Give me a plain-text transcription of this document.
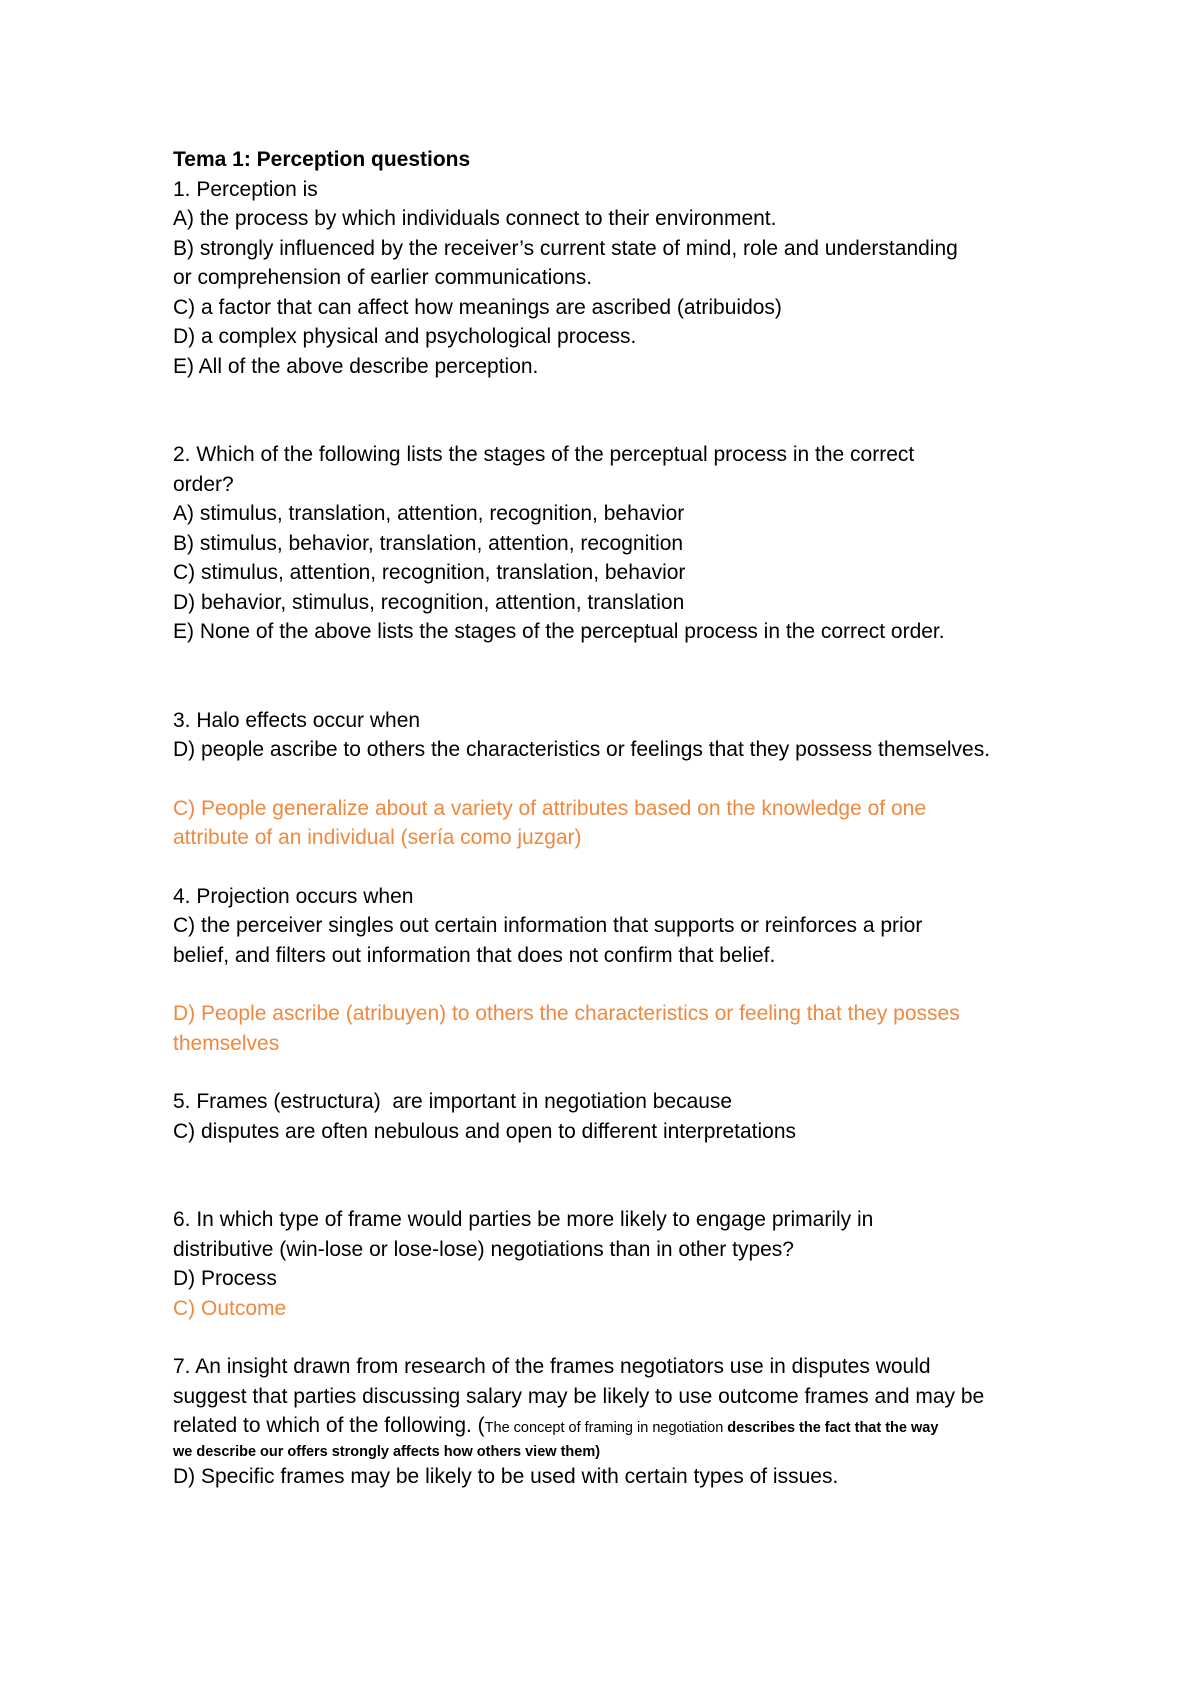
Tema 1: Perception questions

1. Perception is

A) the process by which individuals connect to their environment.

B) strongly influenced by the receiver’s current state of mind, role and understanding

or comprehension of earlier communications.

C) a factor that can affect how meanings are ascribed (atribuidos)

D) a complex physical and psychological process.

E) All of the above describe perception.

2. Which of the following lists the stages of the perceptual process in the correct

order?

A) stimulus, translation, attention, recognition, behavior

B) stimulus, behavior, translation, attention, recognition

C) stimulus, attention, recognition, translation, behavior

D) behavior, stimulus, recognition, attention, translation

E) None of the above lists the stages of the perceptual process in the correct order.

3. Halo effects occur when

D) people ascribe to others the characteristics or feelings that they possess themselves.

C) People generalize about a variety of attributes based on the knowledge of one

attribute of an individual (sería como juzgar)

4. Projection occurs when

C) the perceiver singles out certain information that supports or reinforces a prior

belief, and filters out information that does not confirm that belief.

D) People ascribe (atribuyen) to others the characteristics or feeling that they posses

themselves

5. Frames (estructura)  are important in negotiation because

C) disputes are often nebulous and open to different interpretations

6. In which type of frame would parties be more likely to engage primarily in

distributive (win-lose or lose-lose) negotiations than in other types?

D) Process

C) Outcome

7. An insight drawn from research of the frames negotiators use in disputes would

suggest that parties discussing salary may be likely to use outcome frames and may be

related to which of the following. (The concept of framing in negotiation describes the fact that the way

we describe our offers strongly affects how others view them)

D) Specific frames may be likely to be used with certain types of issues.
